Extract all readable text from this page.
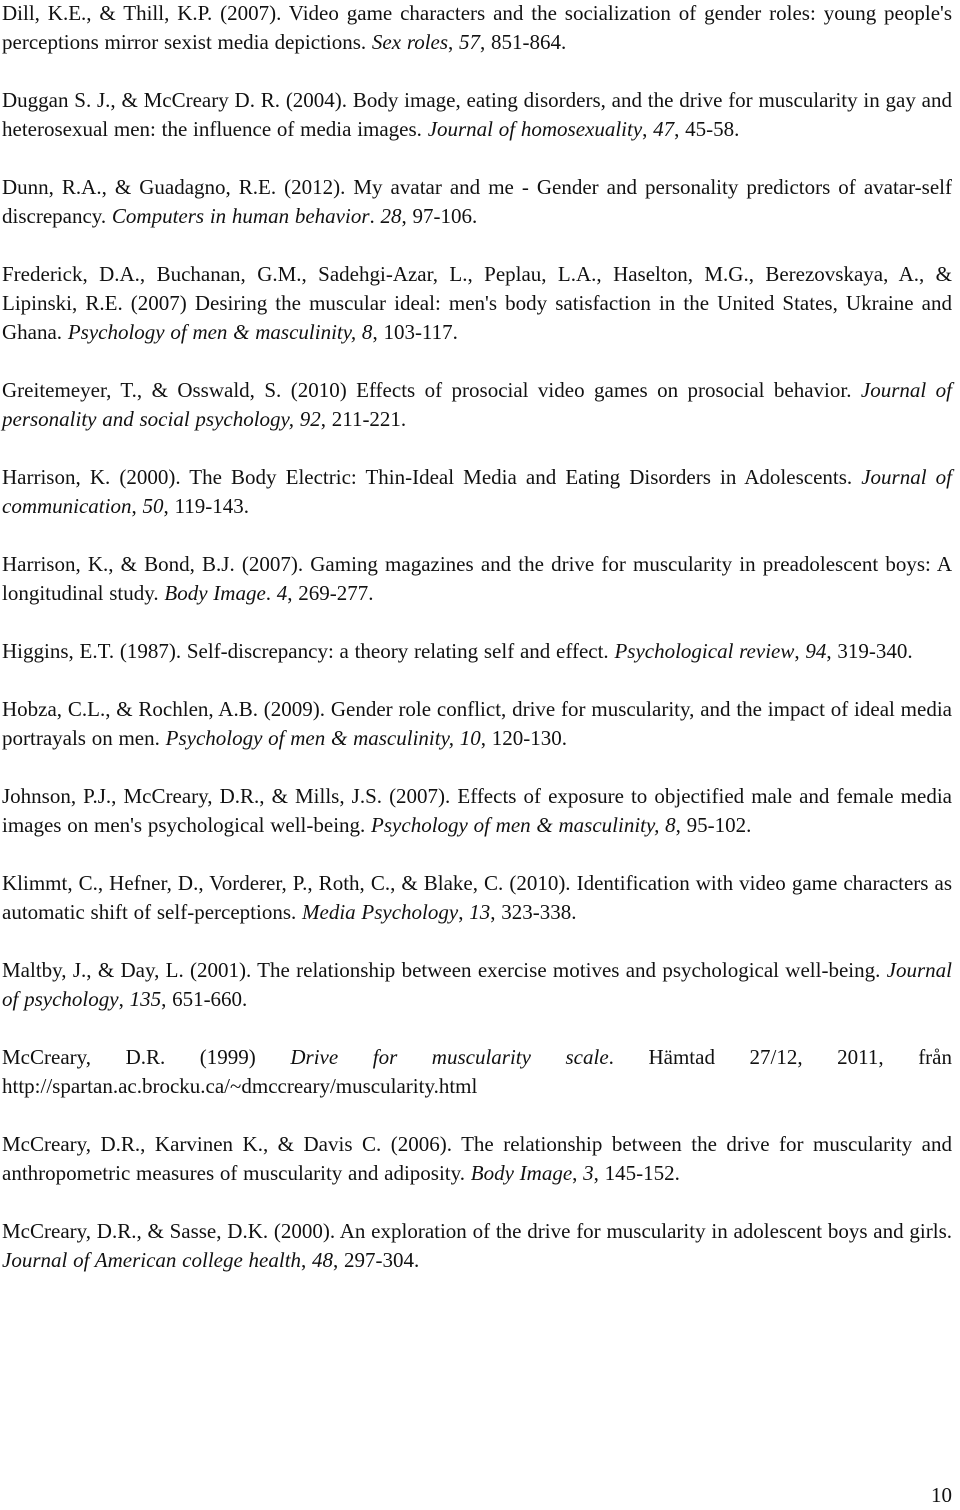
Dill, K.E., & Thill, K.P. (2007). Video game characters and the socialization of gender roles: young people's perceptions mirror sexist media depictions. Sex roles, 57, 851-864.

Duggan S. J., & McCreary D. R. (2004). Body image, eating disorders, and the drive for muscularity in gay and heterosexual men: the influence of media images. Journal of homosexuality, 47, 45-58.

Dunn, R.A., & Guadagno, R.E. (2012). My avatar and me - Gender and personality predictors of avatar-self discrepancy. Computers in human behavior. 28, 97-106.

Frederick, D.A., Buchanan, G.M., Sadehgi-Azar, L., Peplau, L.A., Haselton, M.G., Berezovskaya, A., & Lipinski, R.E. (2007) Desiring the muscular ideal: men's body satisfaction in the United States, Ukraine and Ghana. Psychology of men & masculinity, 8, 103-117.

Greitemeyer, T., & Osswald, S. (2010) Effects of prosocial video games on prosocial behavior. Journal of personality and social psychology, 92, 211-221.

Harrison, K. (2000). The Body Electric: Thin-Ideal Media and Eating Disorders in Adolescents. Journal of communication, 50, 119-143.

Harrison, K., & Bond, B.J. (2007). Gaming magazines and the drive for muscularity in preadolescent boys: A longitudinal study. Body Image. 4, 269-277.

Higgins, E.T. (1987). Self-discrepancy: a theory relating self and effect. Psychological review, 94, 319-340.

Hobza, C.L., & Rochlen, A.B. (2009). Gender role conflict, drive for muscularity, and the impact of ideal media portrayals on men. Psychology of men & masculinity, 10, 120-130.

Johnson, P.J., McCreary, D.R., & Mills, J.S. (2007). Effects of exposure to objectified male and female media images on men's psychological well-being. Psychology of men & masculinity, 8, 95-102.

Klimmt, C., Hefner, D., Vorderer, P., Roth, C., & Blake, C. (2010). Identification with video game characters as automatic shift of self-perceptions. Media Psychology, 13, 323-338.

Maltby, J., & Day, L. (2001). The relationship between exercise motives and psychological well-being. Journal of psychology, 135, 651-660.

McCreary, D.R. (1999) Drive for muscularity scale. Hämtad 27/12, 2011, från http://spartan.ac.brocku.ca/~dmccreary/muscularity.html

McCreary, D.R., Karvinen K., & Davis C. (2006). The relationship between the drive for muscularity and anthropometric measures of muscularity and adiposity. Body Image, 3, 145-152.

McCreary, D.R., & Sasse, D.K. (2000). An exploration of the drive for muscularity in adolescent boys and girls. Journal of American college health, 48, 297-304.

10
